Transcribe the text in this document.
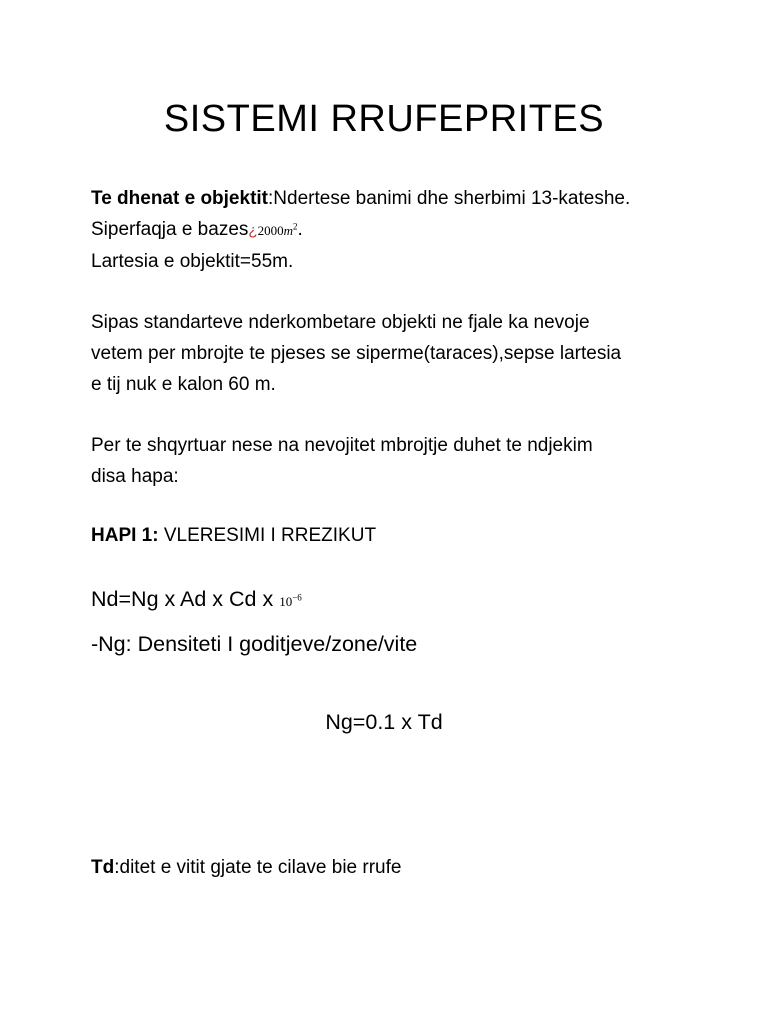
SISTEMI RRUFEPRITES
Te dhenat e objektit:Ndertese banimi dhe sherbimi 13-kateshe.
Siperfaqja e $bazes¿2000m^2$.
Lartesia e objektit=55m.
Sipas standarteve nderkombetare objekti ne fjale ka nevoje
vetem per mbrojte te pjeses se siperme(taraces),sepse lartesia
e tij nuk e kalon 60 m.
Per te shqyrtuar nese na nevojitet mbrojtje duhet te ndjekim
disa hapa:
HAPI 1: VLERESIMI I RREZIKUT
Nd=Ng x Ad x Cd x $10^{-6}$
-Ng: Densiteti I goditjeve/zone/vite
Ng=0.1 x Td
Td:ditet e vitit gjate te cilave bie rrufe
